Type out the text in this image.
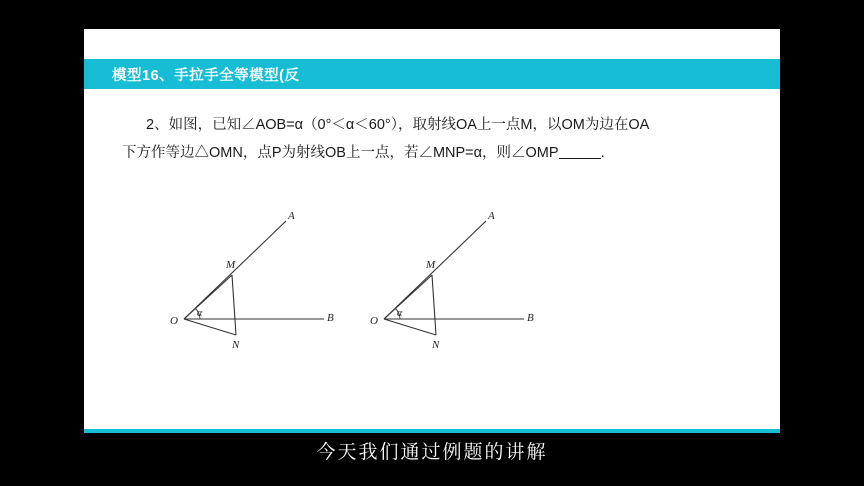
模型16、手拉手全等模型(反
2、如图，已知∠AOB=α（0°＜α＜60°），取射线OA上一点M，以OM为边在OA
下方作等边△OMN，点P为射线OB上一点，若∠MNP=α，则∠OMP	.
A
B
O
M
N
α
A
B
O
M
N
α
今天我们通过例题的讲解
